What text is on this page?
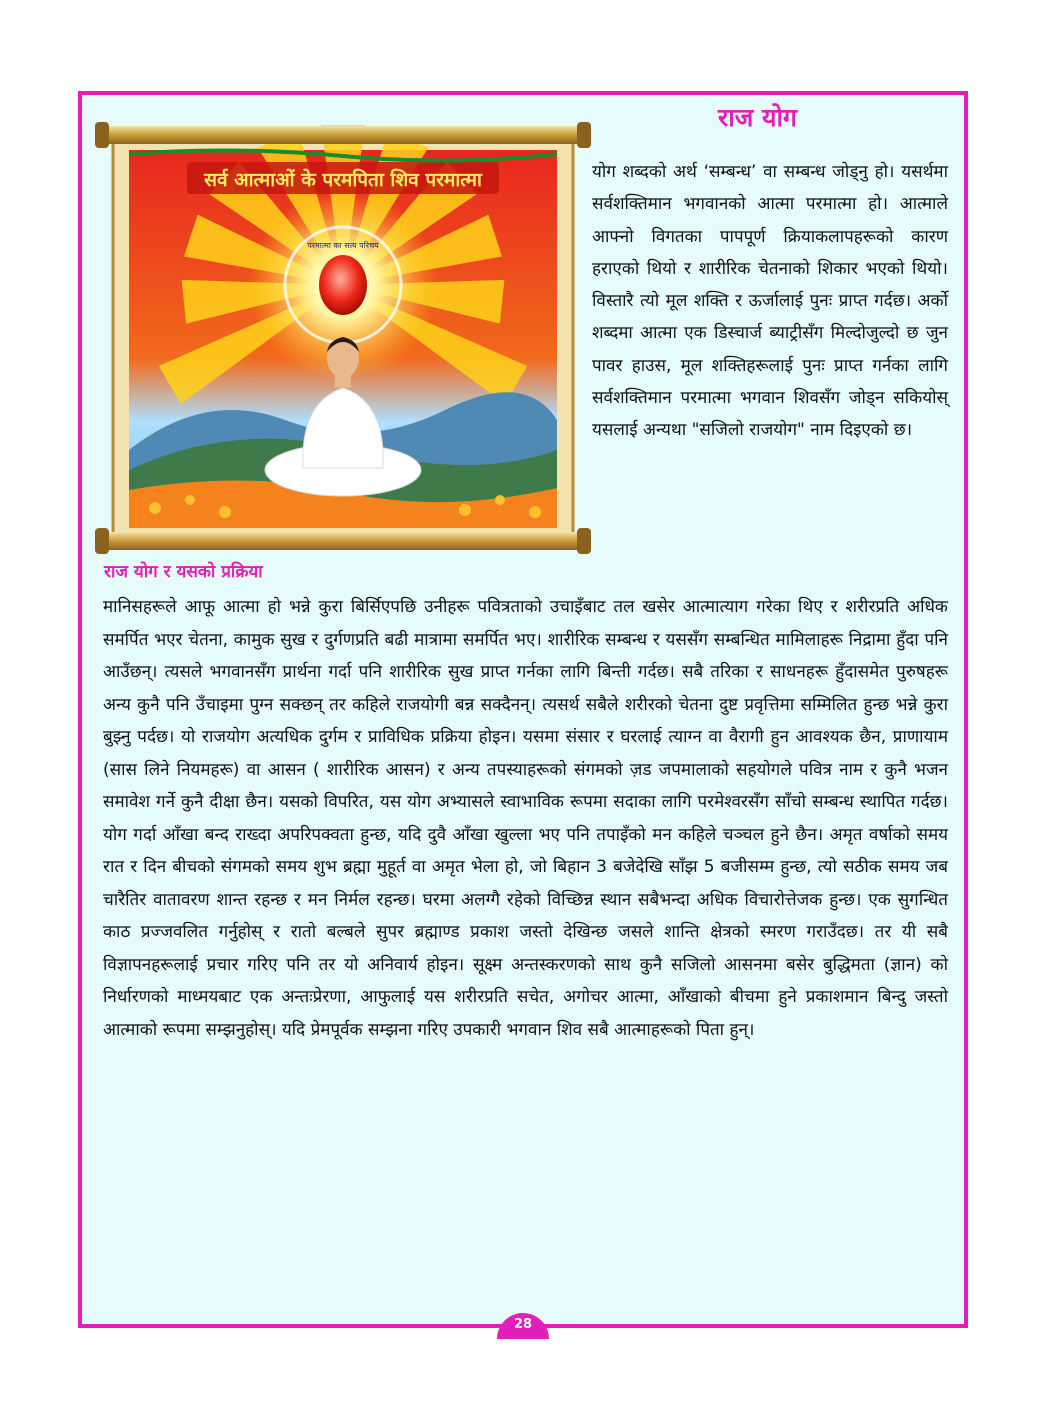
राज योग
सर्व आत्माओं के परमपिता शिव परमात्मा
परमात्मा का सत्य परिचय

योग शब्दको अर्थ ‘सम्बन्ध’ वा सम्बन्ध जोड्नु हो। यसर्थमा सर्वशक्तिमान भगवानको आत्मा परमात्मा हो। आत्माले आफ्नो विगतका पापपूर्ण क्रियाकलापहरूको कारण हराएको थियो र शारीरिक चेतनाको शिकार भएको थियो। विस्तारै त्यो मूल शक्ति र ऊर्जालाई पुनः प्राप्त गर्दछ। अर्को शब्दमा आत्मा एक डिस्चार्ज ब्याट्रीसँग मिल्दोजुल्दो छ जुन पावर हाउस, मूल शक्तिहरूलाई पुनः प्राप्त गर्नका लागि सर्वशक्तिमान परमात्मा भगवान शिवसँग जोड्न सकियोस् यसलाई अन्यथा "सजिलो राजयोग" नाम दिइएको छ।

राज योग र यसको प्रक्रिया

मानिसहरूले आफू आत्मा हो भन्ने कुरा बिर्सिएपछि उनीहरू पवित्रताको उचाइँबाट तल खसेर आत्मात्याग गरेका थिए र शरीरप्रति अधिक समर्पित भएर चेतना, कामुक सुख र दुर्गणप्रति बढी मात्रामा समर्पित भए। शारीरिक सम्बन्ध र यससँग सम्बन्धित मामिलाहरू निद्रामा हुँदा पनि आउँछन्। त्यसले भगवानसँग प्रार्थना गर्दा पनि शारीरिक सुख प्राप्त गर्नका लागि बिन्ती गर्दछ। सबै तरिका र साधनहरू हुँदासमेत पुरुषहरू अन्य कुनै पनि उँचाइमा पुग्न सक्छन् तर कहिले राजयोगी बन्न सक्दैनन्। त्यसर्थ सबैले शरीरको चेतना दुष्ट प्रवृत्तिमा सम्मिलित हुन्छ भन्ने कुरा बुझ्नु पर्दछ। यो राजयोग अत्यधिक दुर्गम र प्राविधिक प्रक्रिया होइन। यसमा संसार र घरलाई त्याग्न वा वैरागी हुन आवश्यक छैन, प्राणायाम (सास लिने नियमहरू) वा आसन ( शारीरिक आसन) र अन्य तपस्याहरूको संगमको ज़ड जपमालाको सहयोगले पवित्र नाम र कुनै भजन समावेश गर्ने कुनै दीक्षा छैन। यसको विपरित, यस योग अभ्यासले स्वाभाविक रूपमा सदाका लागि परमेश्वरसँग साँचो सम्बन्ध स्थापित गर्दछ। योग गर्दा आँखा बन्द राख्दा अपरिपक्वता हुन्छ, यदि दुवै आँखा खुल्ला भए पनि तपाइँको मन कहिले चञ्चल हुने छैन। अमृत वर्षाको समय रात र दिन बीचको संगमको समय शुभ ब्रह्मा मुहूर्त वा अमृत भेला हो, जो बिहान 3 बजेदेखि साँझ 5 बजीसम्म हुन्छ, त्यो सठीक समय जब चारैतिर वातावरण शान्त रहन्छ र मन निर्मल रहन्छ। घरमा अलग्गै रहेको विच्छिन्न स्थान सबैभन्दा अधिक विचारोत्तेजक हुन्छ। एक सुगन्धित काठ प्रज्जवलित गर्नुहोस् र रातो बल्बले सुपर ब्रह्माण्ड प्रकाश जस्तो देखिन्छ जसले शान्ति क्षेत्रको स्मरण गराउँदछ। तर यी सबै विज्ञापनहरूलाई प्रचार गरिए पनि तर यो अनिवार्य होइन। सूक्ष्म अन्तस्करणको साथ कुनै सजिलो आसनमा बसेर बुद्धिमता (ज्ञान) को निर्धारणको माध्मयबाट एक अन्तःप्रेरणा, आफुलाई यस शरीरप्रति सचेत, अगोचर आत्मा, आँखाको बीचमा हुने प्रकाशमान बिन्दु जस्तो आत्माको रूपमा सम्झनुहोस्। यदि प्रेमपूर्वक सम्झना गरिए उपकारी भगवान शिव सबै आत्माहरूको पिता हुन्।

28
